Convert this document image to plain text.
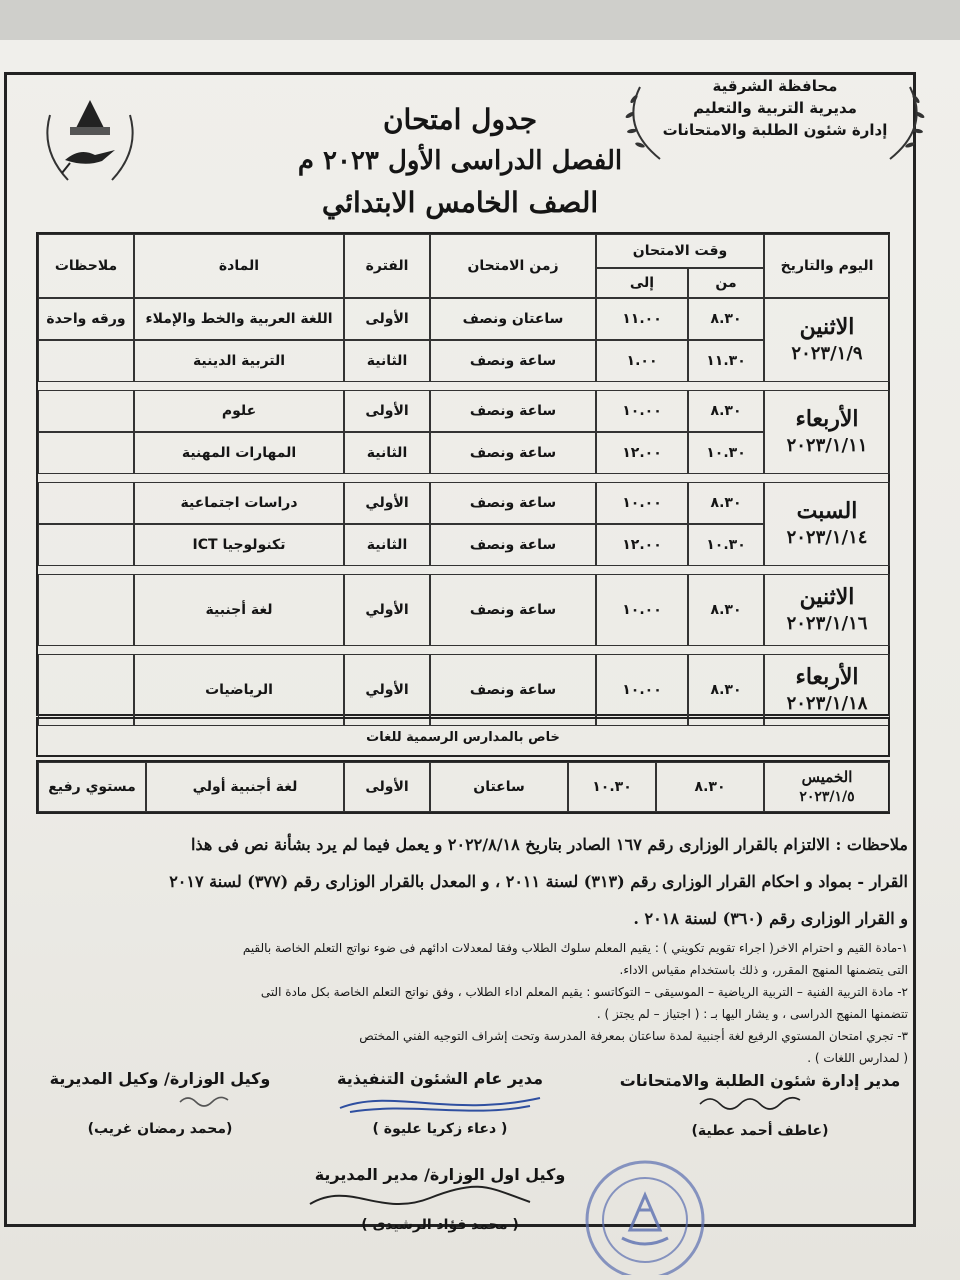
محافظة الشرقية
مديرية التربية والتعليم
إدارة شئون الطلبة والامتحانات
جدول امتحان
الفصل الدراسى الأول ٢٠٢٣ م
الصف الخامس الابتدائي
اليوم والتاريخ
وقت الامتحان
من
إلى
زمن الامتحان
الفترة
المادة
ملاحظات
الاثنين
٢٠٢٣/١/٩
٨.٣٠
١١.٠٠
ساعتان ونصف
الأولى
اللغة العربية والخط والإملاء
ورقه واحدة
١١.٣٠
١.٠٠
ساعة ونصف
الثانية
التربية الدينية
الأربعاء
٢٠٢٣/١/١١
٨.٣٠
١٠.٠٠
ساعة ونصف
الأولى
علوم
١٠.٣٠
١٢.٠٠
ساعة ونصف
الثانية
المهارات المهنية
السبت
٢٠٢٣/١/١٤
٨.٣٠
١٠.٠٠
ساعة ونصف
الأولي
دراسات اجتماعية
١٠.٣٠
١٢.٠٠
ساعة ونصف
الثانية
تكنولوجيا ICT
الاثنين
٢٠٢٣/١/١٦
٨.٣٠
١٠.٠٠
ساعة ونصف
الأولي
لغة أجنبية
الأربعاء
٢٠٢٣/١/١٨
٨.٣٠
١٠.٠٠
ساعة ونصف
الأولي
الرياضيات
خاص بالمدارس الرسمية للغات
الخميس
٢٠٢٣/١/٥
٨.٣٠
١٠.٣٠
ساعتان
الأولى
لغة أجنبية أولي
مستوي رفيع
ملاحظات : الالتزام بالقرار الوزارى رقم ١٦٧ الصادر بتاريخ ٢٠٢٢/٨/١٨ و يعمل فيما لم يرد بشأنة نص فى هذا
القرار - بمواد و احكام القرار الوزارى رقم (٣١٣) لسنة ٢٠١١ ، و المعدل بالقرار الوزارى رقم (٣٧٧) لسنة ٢٠١٧
و القرار الوزارى رقم (٣٦٠) لسنة ٢٠١٨ .
١-مادة القيم و احترام الاخر( اجراء تقويم تكويني ) : يقيم المعلم سلوك الطلاب وفقا لمعدلات ادائهم فى ضوء نواتج التعلم الخاصة بالقيم
التى يتضمنها المنهج المقرر، و ذلك باستخدام مقياس الاداء.
٢- مادة التربية الفنية – التربية الرياضية – الموسيقى – التوكاتسو : يقيم المعلم اداء الطلاب ، وفق نواتج التعلم الخاصة بكل مادة التى
تتضمنها المنهج الدراسى ، و يشار اليها بـ : ( اجتياز – لم يجتز ) .
٣- تجري امتحان المستوي الرفيع لغة أجنبية لمدة ساعتان بمعرفة المدرسة وتحت إشراف التوجيه الفني المختص
( لمدارس اللغات ) .
مدير إدارة شئون الطلبة والامتحانات
(عاطف أحمد عطية)
مدير عام الشئون التنفيذية
( دعاء زكريا عليوة )
وكيل الوزارة/ وكيل المديرية
(محمد رمضان غريب)
وكيل اول الوزارة/ مدير المديرية
( محمد فؤاد الرشيدى )
